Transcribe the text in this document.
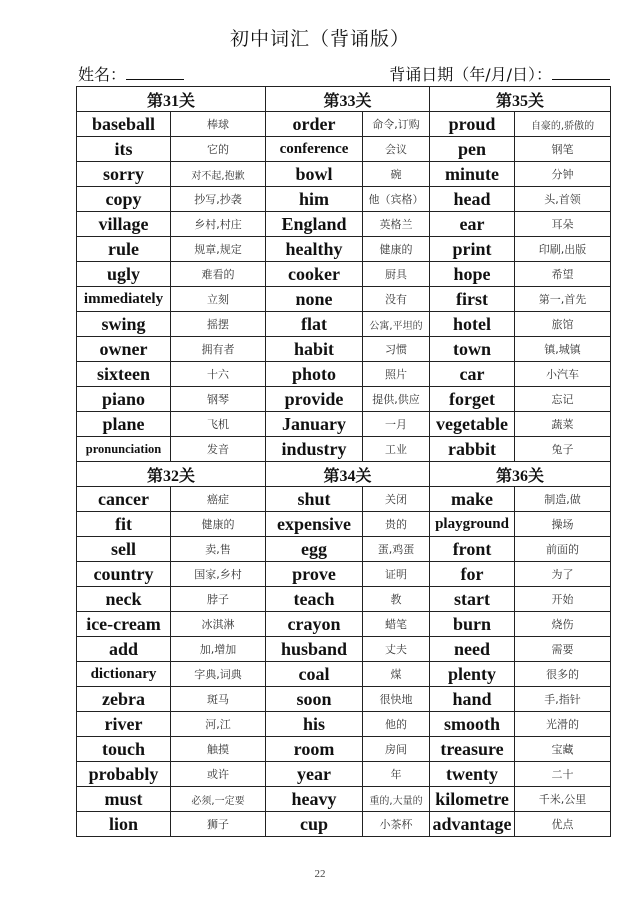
初中词汇（背诵版）
姓名：	背诵日期（年/月/日）：
第31关		第33关		第35关	
baseball	棒球	order	命令,订购	proud	自豪的,骄傲的
its	它的	conference	会议	pen	钢笔
sorry	对不起,抱歉	bowl	碗	minute	分钟
copy	抄写,抄袭	him	他（宾格）	head	头,首领
village	乡村,村庄	England	英格兰	ear	耳朵
rule	规章,规定	healthy	健康的	print	印刷,出版
ugly	难看的	cooker	厨具	hope	希望
immediately	立刻	none	没有	first	第一,首先
swing	摇摆	flat	公寓,平坦的	hotel	旅馆
owner	拥有者	habit	习惯	town	镇,城镇
sixteen	十六	photo	照片	car	小汽车
piano	钢琴	provide	提供,供应	forget	忘记
plane	飞机	January	一月	vegetable	蔬菜
pronunciation	发音	industry	工业	rabbit	兔子
第32关		第34关		第36关	
cancer	癌症	shut	关闭	make	制造,做
fit	健康的	expensive	贵的	playground	操场
sell	卖,售	egg	蛋,鸡蛋	front	前面的
country	国家,乡村	prove	证明	for	为了
neck	脖子	teach	教	start	开始
ice-cream	冰淇淋	crayon	蜡笔	burn	烧伤
add	加,增加	husband	丈夫	need	需要
dictionary	字典,词典	coal	煤	plenty	很多的
zebra	斑马	soon	很快地	hand	手,指针
river	河,江	his	他的	smooth	光滑的
touch	触摸	room	房间	treasure	宝藏
probably	或许	year	年	twenty	二十
must	必须,一定要	heavy	重的,大量的	kilometre	千米,公里
lion	狮子	cup	小茶杯	advantage	优点
22
